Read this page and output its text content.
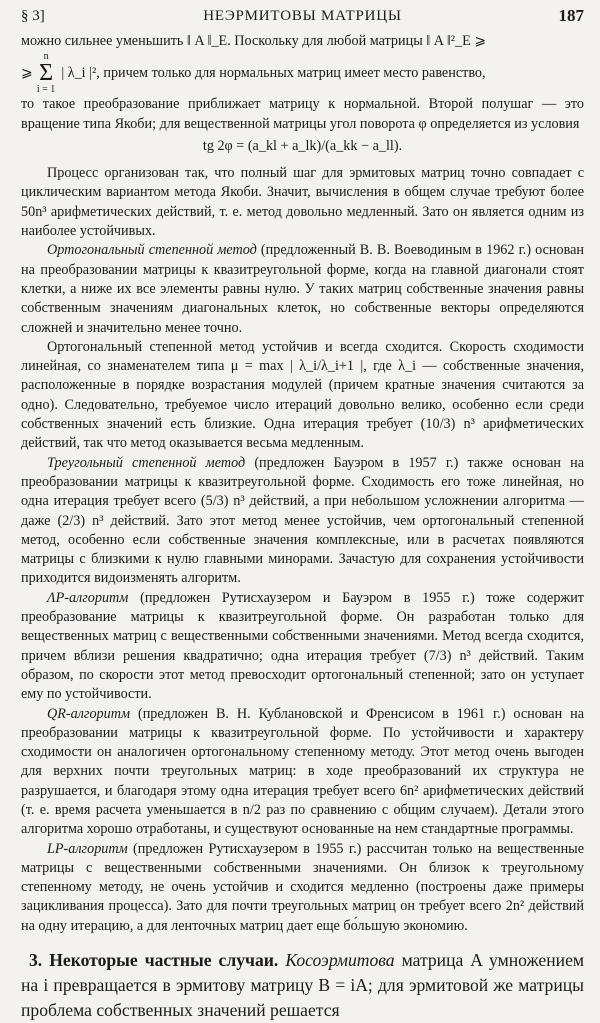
§ 3]	НЕЭРМИТОВЫ МАТРИЦЫ	187

можно сильнее уменьшить ‖ A ‖_E. Поскольку для любой матрицы ‖ A ‖²_E ⩾

⩾
n
Σ
i = 1
| λ_i |², причем только для нормальных матриц имеет место равенство,

то такое преобразование приближает матрицу к нормальной. Второй полушаг — это вращение типа Якоби; для вещественной матрицы угол поворота φ определяется из условия

tg 2φ = (a_kl + a_lk)/(a_kk − a_ll).

Процесс организован так, что полный шаг для эрмитовых матриц точно совпадает с циклическим вариантом метода Якоби. Значит, вычисления в общем случае требуют более 50n³ арифметических действий, т. е. метод довольно медленный. Зато он является одним из наиболее устойчивых.

Ортогональный степенной метод (предложенный В. В. Воеводиным в 1962 г.) основан на преобразовании матрицы к квазитреугольной форме, когда на главной диагонали стоят клетки, а ниже их все элементы равны нулю. У таких матриц собственные значения равны собственным значениям диагональных клеток, но собственные векторы определяются сложней и значительно менее точно.

Ортогональный степенной метод устойчив и всегда сходится. Скорость сходимости линейная, со знаменателем типа μ = max | λ_i/λ_i+1 |, где λ_i — собственные значения, расположенные в порядке возрастания модулей (причем кратные значения считаются за одно). Следовательно, требуемое число итераций довольно велико, особенно если среди собственных значений есть близкие. Одна итерация требует (10/3) n³ арифметических действий, так что метод оказывается весьма медленным.

Треугольный степенной метод (предложен Бауэром в 1957 г.) также основан на преобразовании матрицы к квазитреугольной форме. Сходимость его тоже линейная, но одна итерация требует всего (5/3) n³ действий, а при небольшом усложнении алгоритма — даже (2/3) n³ действий. Зато этот метод менее устойчив, чем ортогональный степенной метод, особенно если собственные значения комплексные, или в расчетах появляются матрицы с близкими к нулю главными минорами. Зачастую для сохранения устойчивости приходится видоизменять алгоритм.

ΛP-алгоритм (предложен Рутисхаузером и Бауэром в 1955 г.) тоже содержит преобразование матрицы к квазитреугольной форме. Он разработан только для вещественных матриц с вещественными собственными значениями. Метод всегда сходится, причем вблизи решения квадратично; одна итерация требует (7/3) n³ действий. Таким образом, по скорости этот метод превосходит ортогональный степенной; зато он уступает ему по устойчивости.

QR-алгоритм (предложен В. Н. Кублановской и Френсисом в 1961 г.) основан на преобразовании матрицы к квазитреугольной форме. По устойчивости и характеру сходимости он аналогичен ортогональному степенному методу. Этот метод очень выгоден для верхних почти треугольных матриц: в ходе преобразований их структура не разрушается, и благодаря этому одна итерация требует всего 6n² арифметических действий (т. е. время расчета уменьшается в n/2 раз по сравнению с общим случаем). Детали этого алгоритма хорошо отработаны, и существуют основанные на нем стандартные программы.

LP-алгоритм (предложен Рутисхаузером в 1955 г.) рассчитан только на вещественные матрицы с вещественными собственными значениями. Он близок к треугольному степенному методу, не очень устойчив и сходится медленно (построены даже примеры зацикливания процесса). Зато для почти треугольных матриц он требует всего 2n² действий на одну итерацию, а для ленточных матриц дает еще бо́льшую экономию.

3. Некоторые частные случаи. Косоэрмитова матрица A умножением на i превращается в эрмитову матрицу B = iA; для эрмитовой же матрицы проблема собственных значений решается
